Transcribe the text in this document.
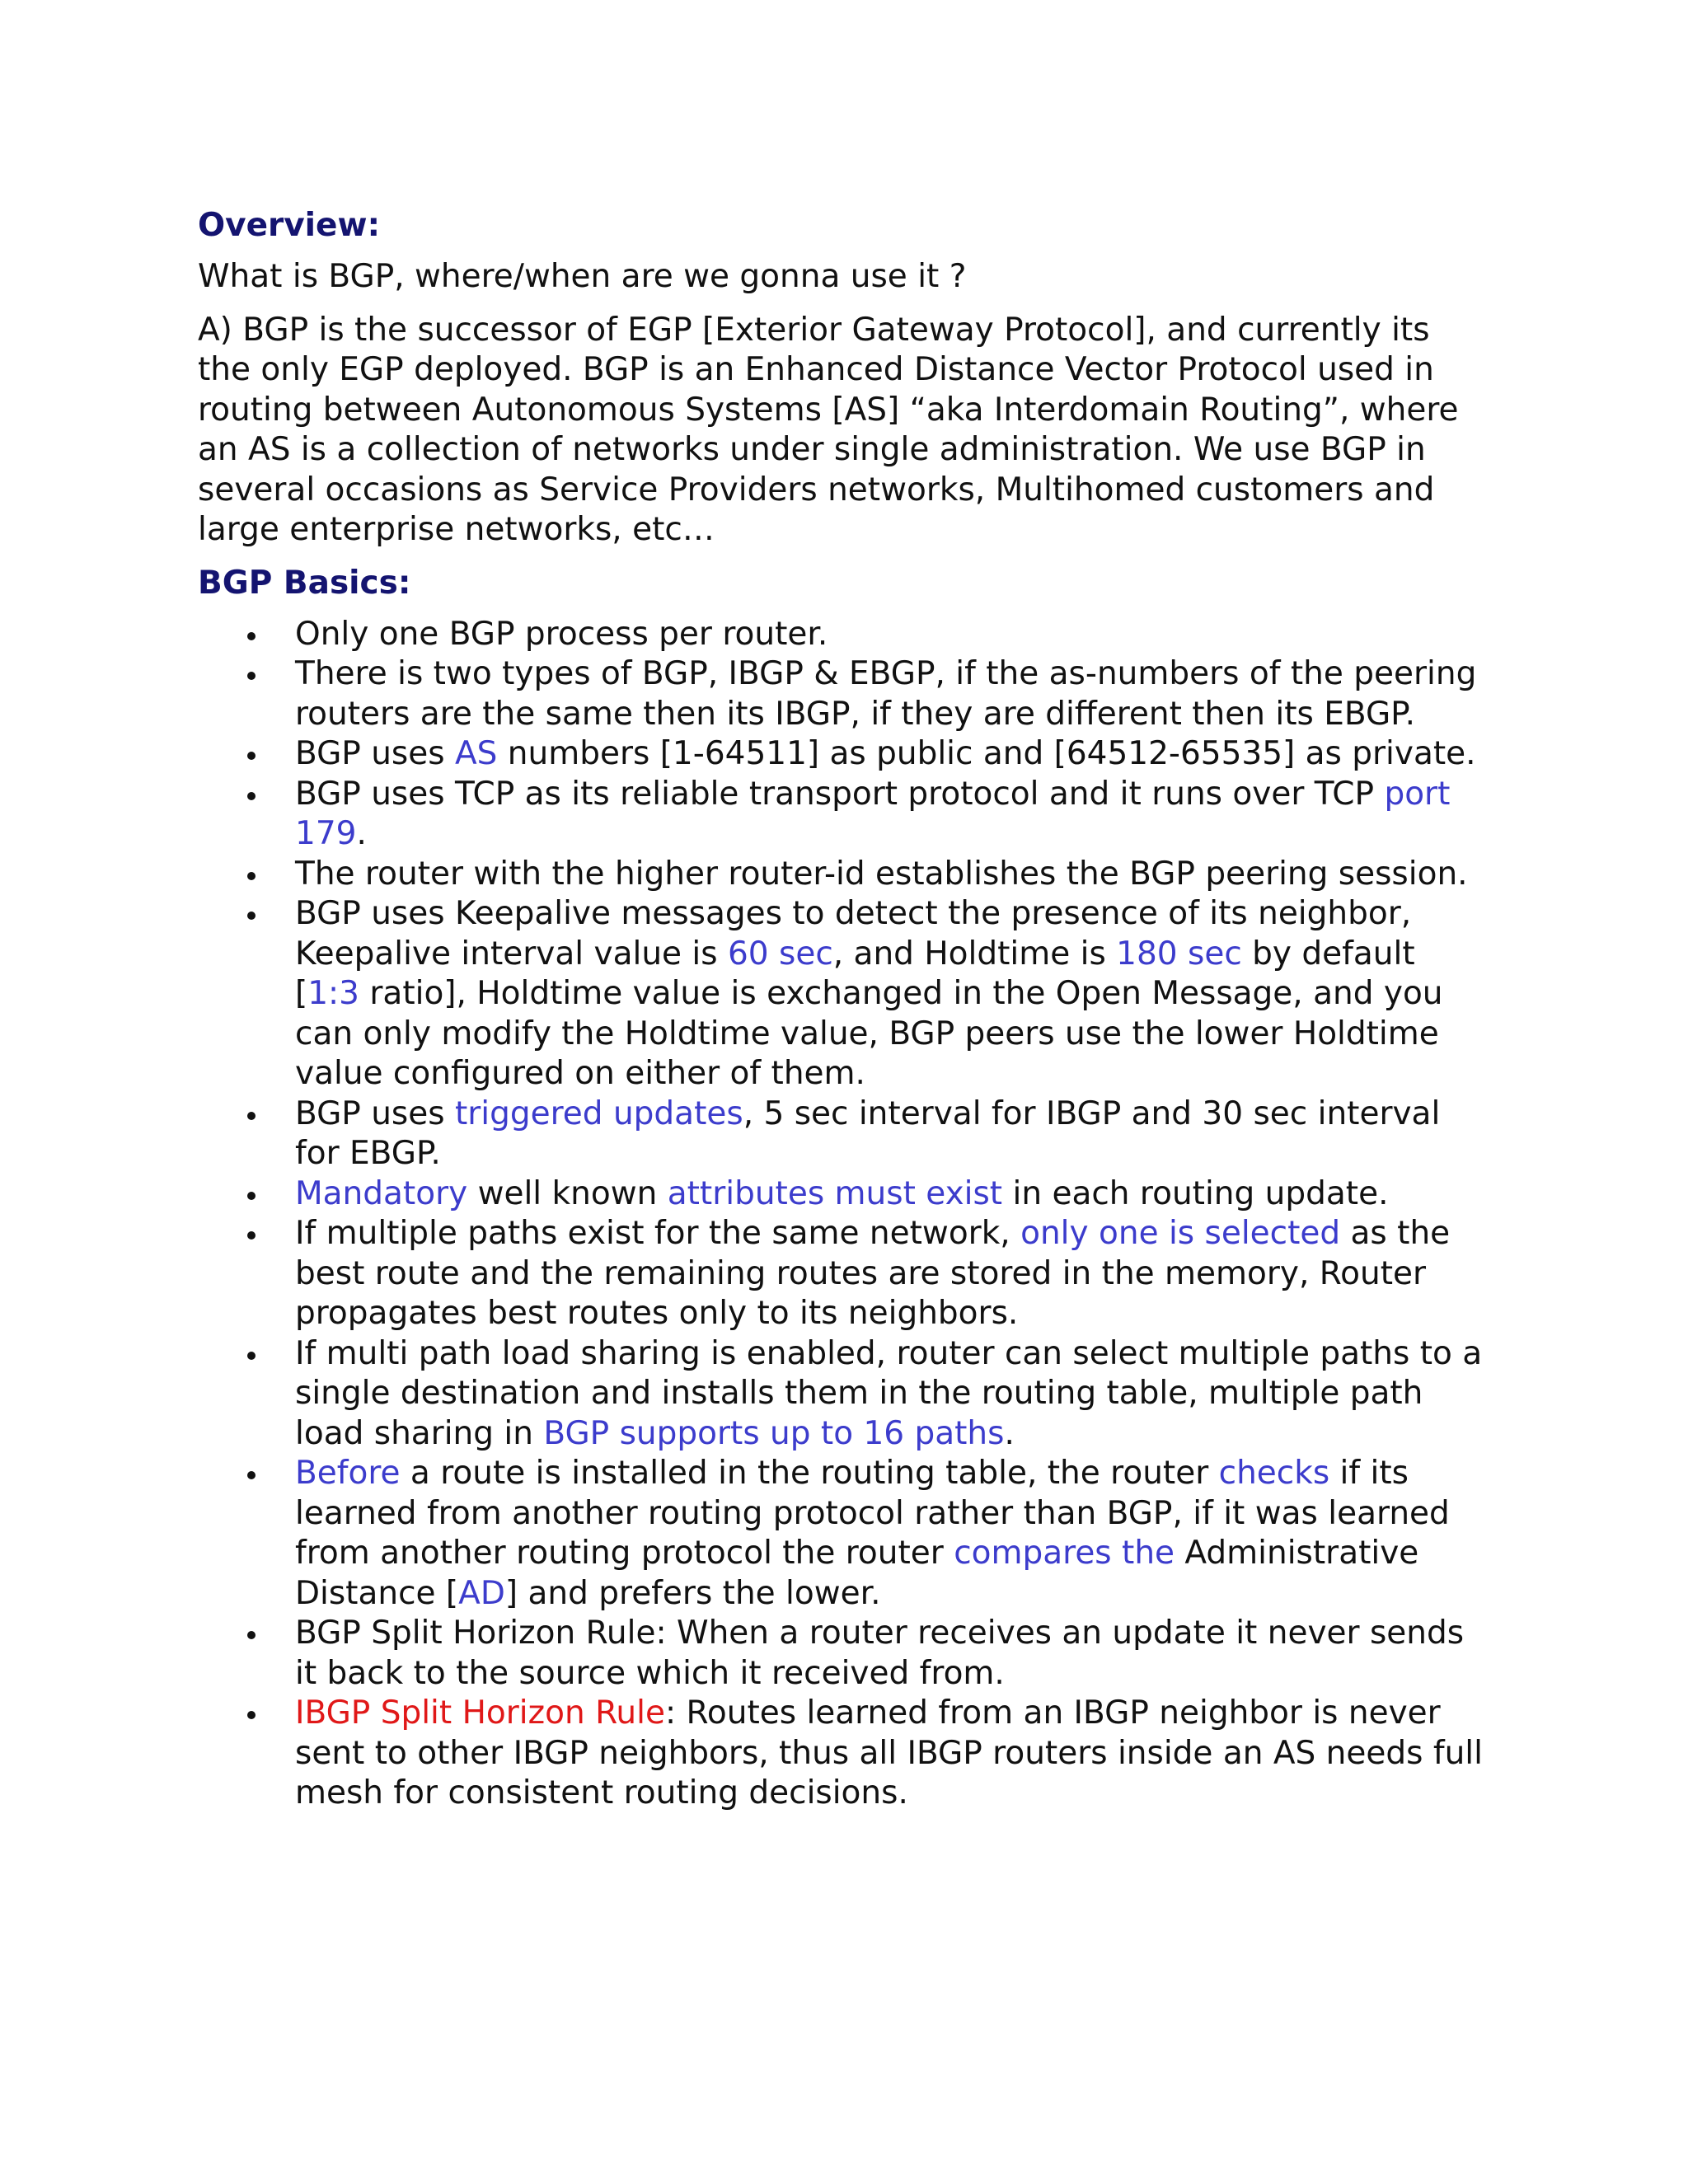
Overview:
What is BGP, where/when are we gonna use it ?
A) BGP is the successor of EGP [Exterior Gateway Protocol], and currently its the only EGP deployed. BGP is an Enhanced Distance Vector Protocol used in routing between Autonomous Systems [AS] “aka Interdomain Routing”, where an AS is a collection of networks under single administration. We use BGP in several occasions as Service Providers networks, Multihomed customers and large enterprise networks, etc…
BGP Basics:
Only one BGP process per router.
There is two types of BGP, IBGP & EBGP, if the as-numbers of the peering routers are the same then its IBGP, if they are different then its EBGP.
BGP uses AS numbers [1-64511] as public and [64512-65535] as private.
BGP uses TCP as its reliable transport protocol and it runs over TCP port 179.
The router with the higher router-id establishes the BGP peering session.
BGP uses Keepalive messages to detect the presence of its neighbor, Keepalive interval value is 60 sec, and Holdtime is 180 sec by default [1:3 ratio], Holdtime value is exchanged in the Open Message, and you can only modify the Holdtime value, BGP peers use the lower Holdtime value configured on either of them.
BGP uses triggered updates, 5 sec interval for IBGP and 30 sec interval for EBGP.
Mandatory well known attributes must exist in each routing update.
If multiple paths exist for the same network, only one is selected as the best route and the remaining routes are stored in the memory, Router propagates best routes only to its neighbors.
If multi path load sharing is enabled, router can select multiple paths to a single destination and installs them in the routing table, multiple path load sharing in BGP supports up to 16 paths.
Before a route is installed in the routing table, the router checks if its learned from another routing protocol rather than BGP, if it was learned from another routing protocol the router compares the Administrative Distance [AD] and prefers the lower.
BGP Split Horizon Rule: When a router receives an update it never sends it back to the source which it received from.
IBGP Split Horizon Rule: Routes learned from an IBGP neighbor is never sent to other IBGP neighbors, thus all IBGP routers inside an AS needs full mesh for consistent routing decisions.
